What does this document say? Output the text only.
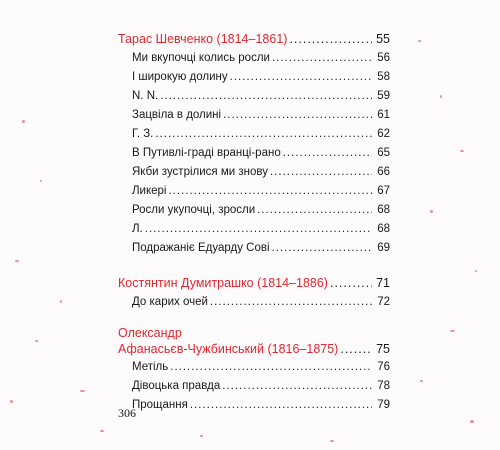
Тарас Шевченко (1814–1861) .....	55
Ми вкупочці колись росли .....	56
І широкую долину .....	58
N. N. .....	59
Зацвіла в долині .....	61
Г. З. .....	62
В Путивлі-граді вранці-рано .....	65
Якби зустрілися ми знову .....	66
Ликері .....	67
Росли укупочці, зросли .....	68
Л. .....	68
Подражаніє Едуарду Сові .....	69
Костянтин Думитрашко (1814–1886) .....	71
До карих очей .....	72
Олександр
Афанасьєв-Чужбинський (1816–1875) .....	75
Метіль .....	76
Дівоцька правда .....	78
Прощання .....	79
306
